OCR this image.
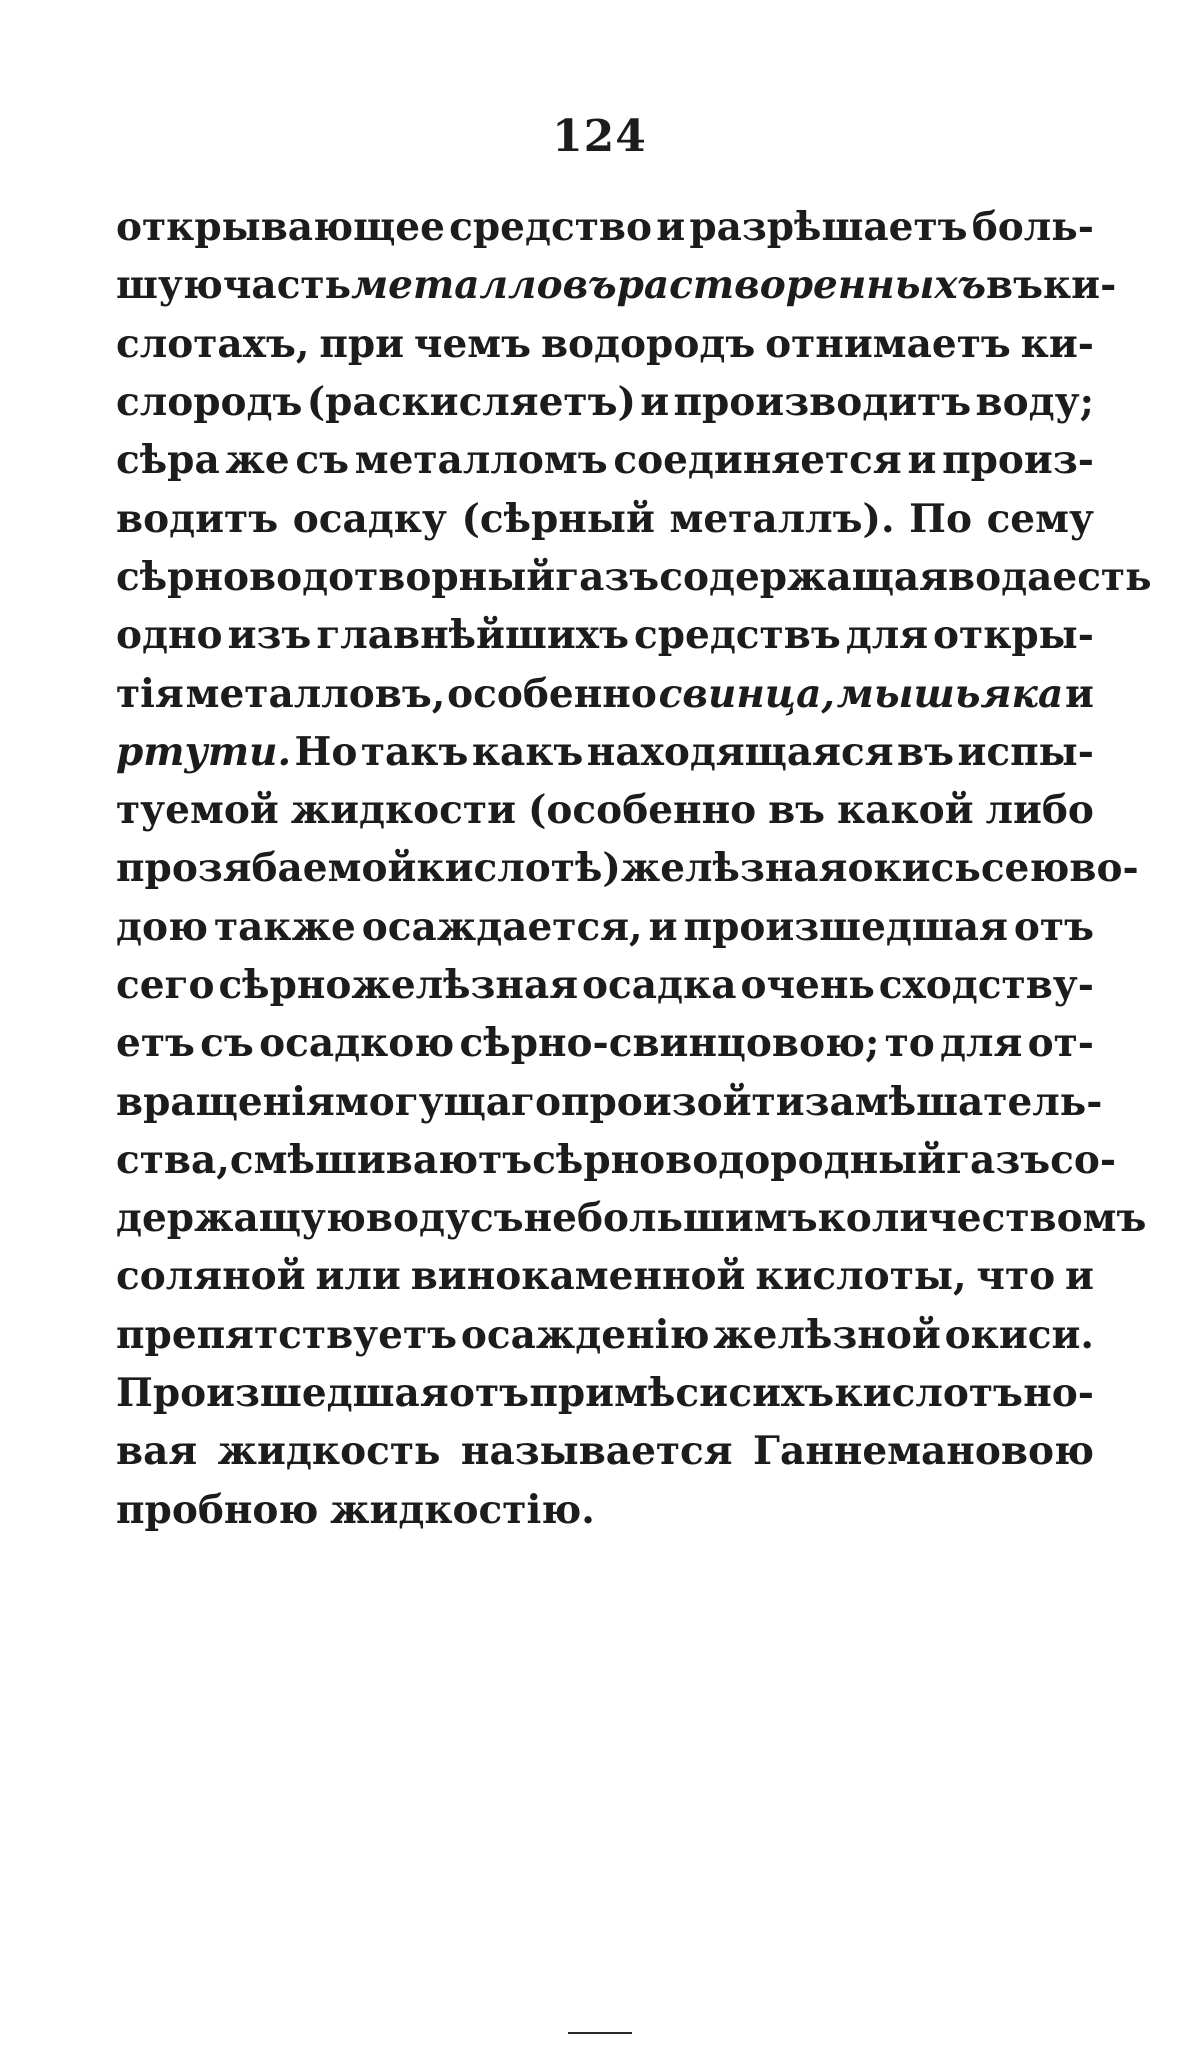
124
открывающее средство и разрѣшаетъ боль-
шую часть металловъ растворенныхъ въ ки-
слотахъ, при чемъ водородъ отнимаетъ ки-
слородъ (раскисляетъ) и производитъ воду;
сѣра же съ металломъ соединяется и произ-
водитъ осадку (сѣрный металлъ). По сему
сѣрноводотворный газъ содержащая вода есть
одно изъ главнѣйшихъ средствъ для откры-
тія металловъ, особенно свинца, мышьяка и
ртути. Но такъ какъ находящаяся въ испы-
туемой жидкости (особенно въ какой либо
прозябаемой кислотѣ) желѣзная окись сею во-
дою также осаждается, и произшедшая отъ
сего сѣрножелѣзная осадка очень сходству-
етъ съ осадкою сѣрно-свинцовою; то для от-
вращенія могущаго произойти замѣшатель-
ства, смѣшиваютъ сѣрноводородный газъ со-
держащую воду съ небольшимъ количествомъ
соляной или винокаменной кислоты, что и
препятствуетъ осажденію желѣзной окиси.
Произшедшая отъ примѣси сихъ кислотъ но-
вая жидкость называется Ганнемановою
пробною жидкостію.
